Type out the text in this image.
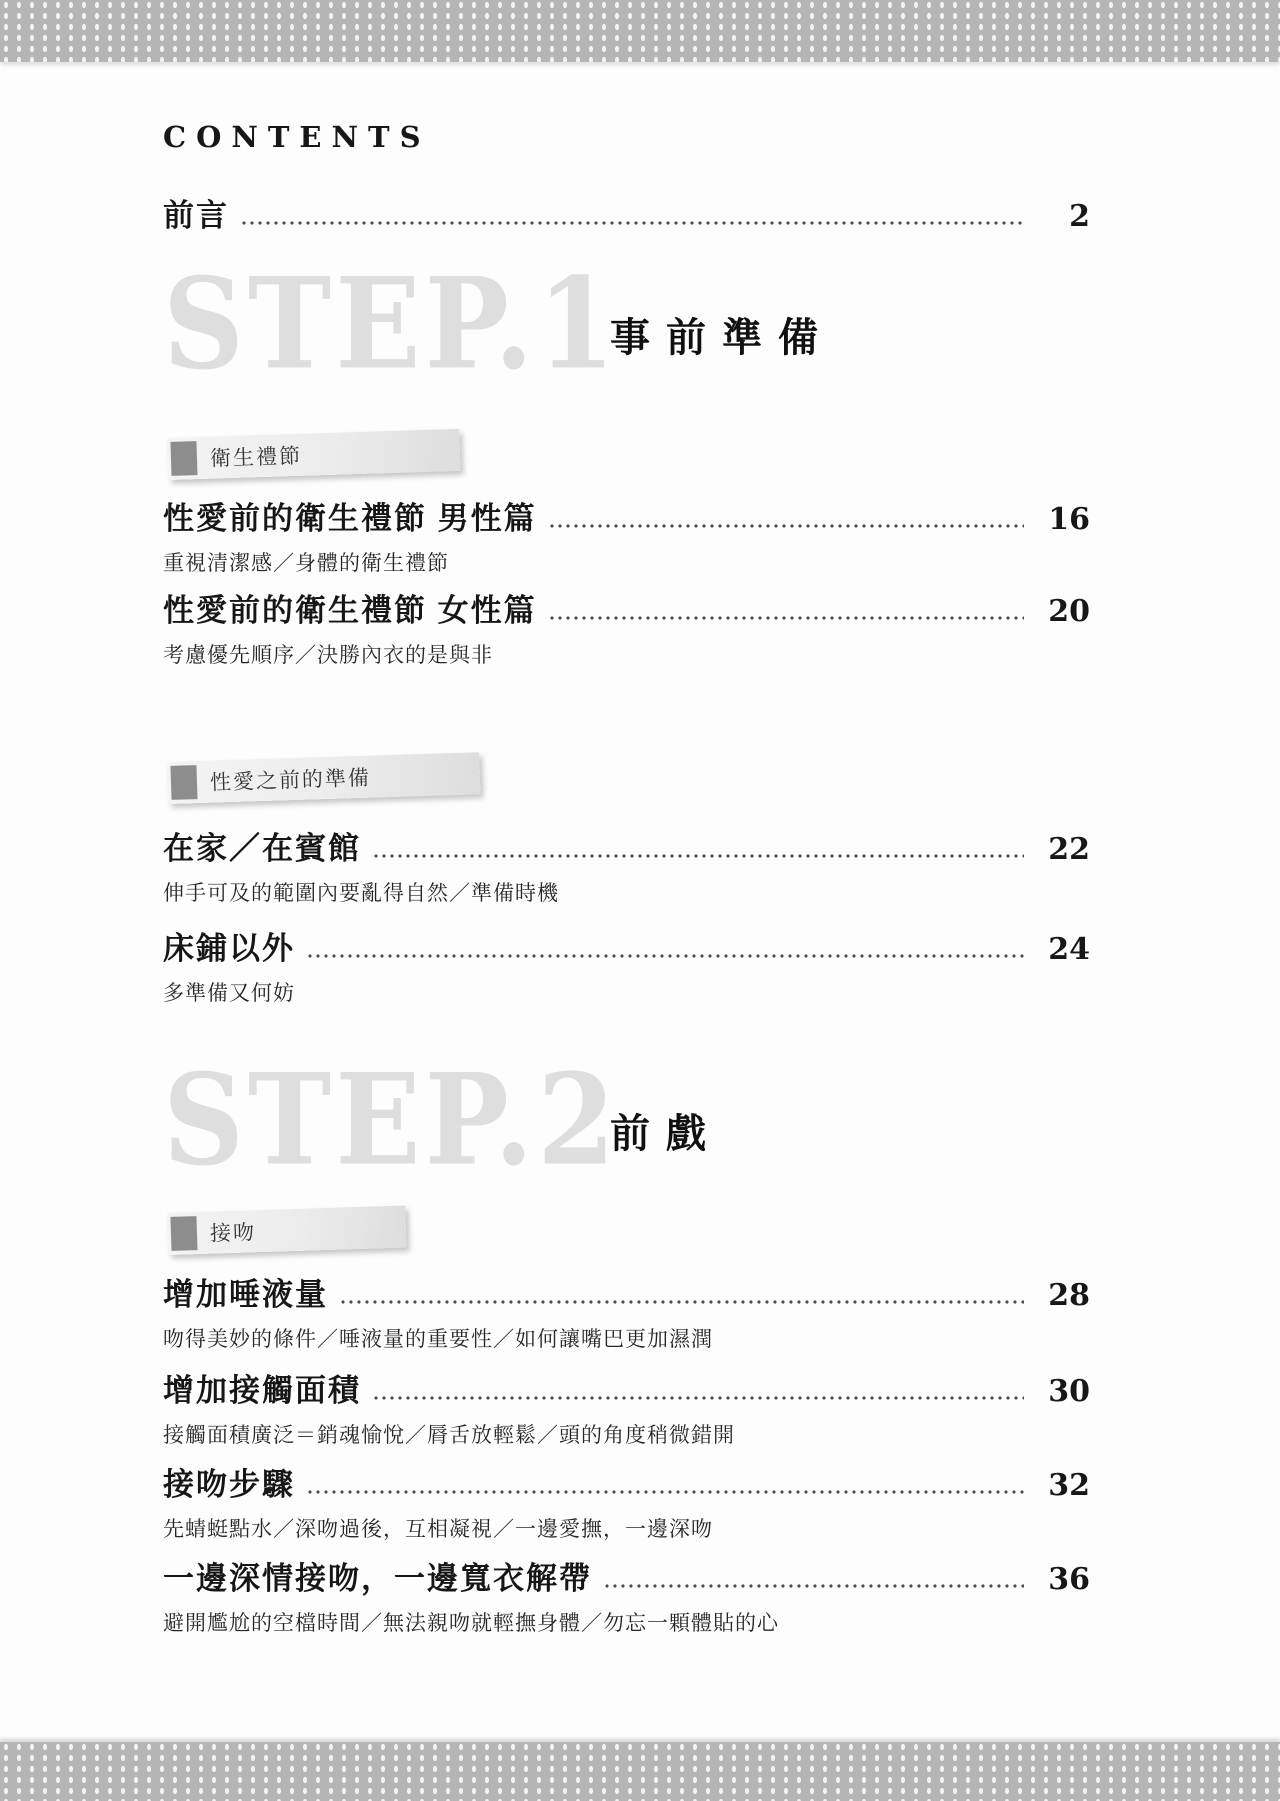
CONTENTS
前言	2
STEP.1
事前準備
衛生禮節
性愛前的衛生禮節 男性篇	16
重視清潔感／身體的衛生禮節
性愛前的衛生禮節 女性篇	20
考慮優先順序／決勝內衣的是與非
性愛之前的準備
在家／在賓館	22
伸手可及的範圍內要亂得自然／準備時機
床鋪以外	24
多準備又何妨
STEP.2
前戲
接吻
增加唾液量	28
吻得美妙的條件／唾液量的重要性／如何讓嘴巴更加濕潤
增加接觸面積	30
接觸面積廣泛＝銷魂愉悅／脣舌放輕鬆／頭的角度稍微錯開
接吻步驟	32
先蜻蜓點水／深吻過後，互相凝視／一邊愛撫，一邊深吻
一邊深情接吻，一邊寬衣解帶	36
避開尷尬的空檔時間／無法親吻就輕撫身體／勿忘一顆體貼的心
